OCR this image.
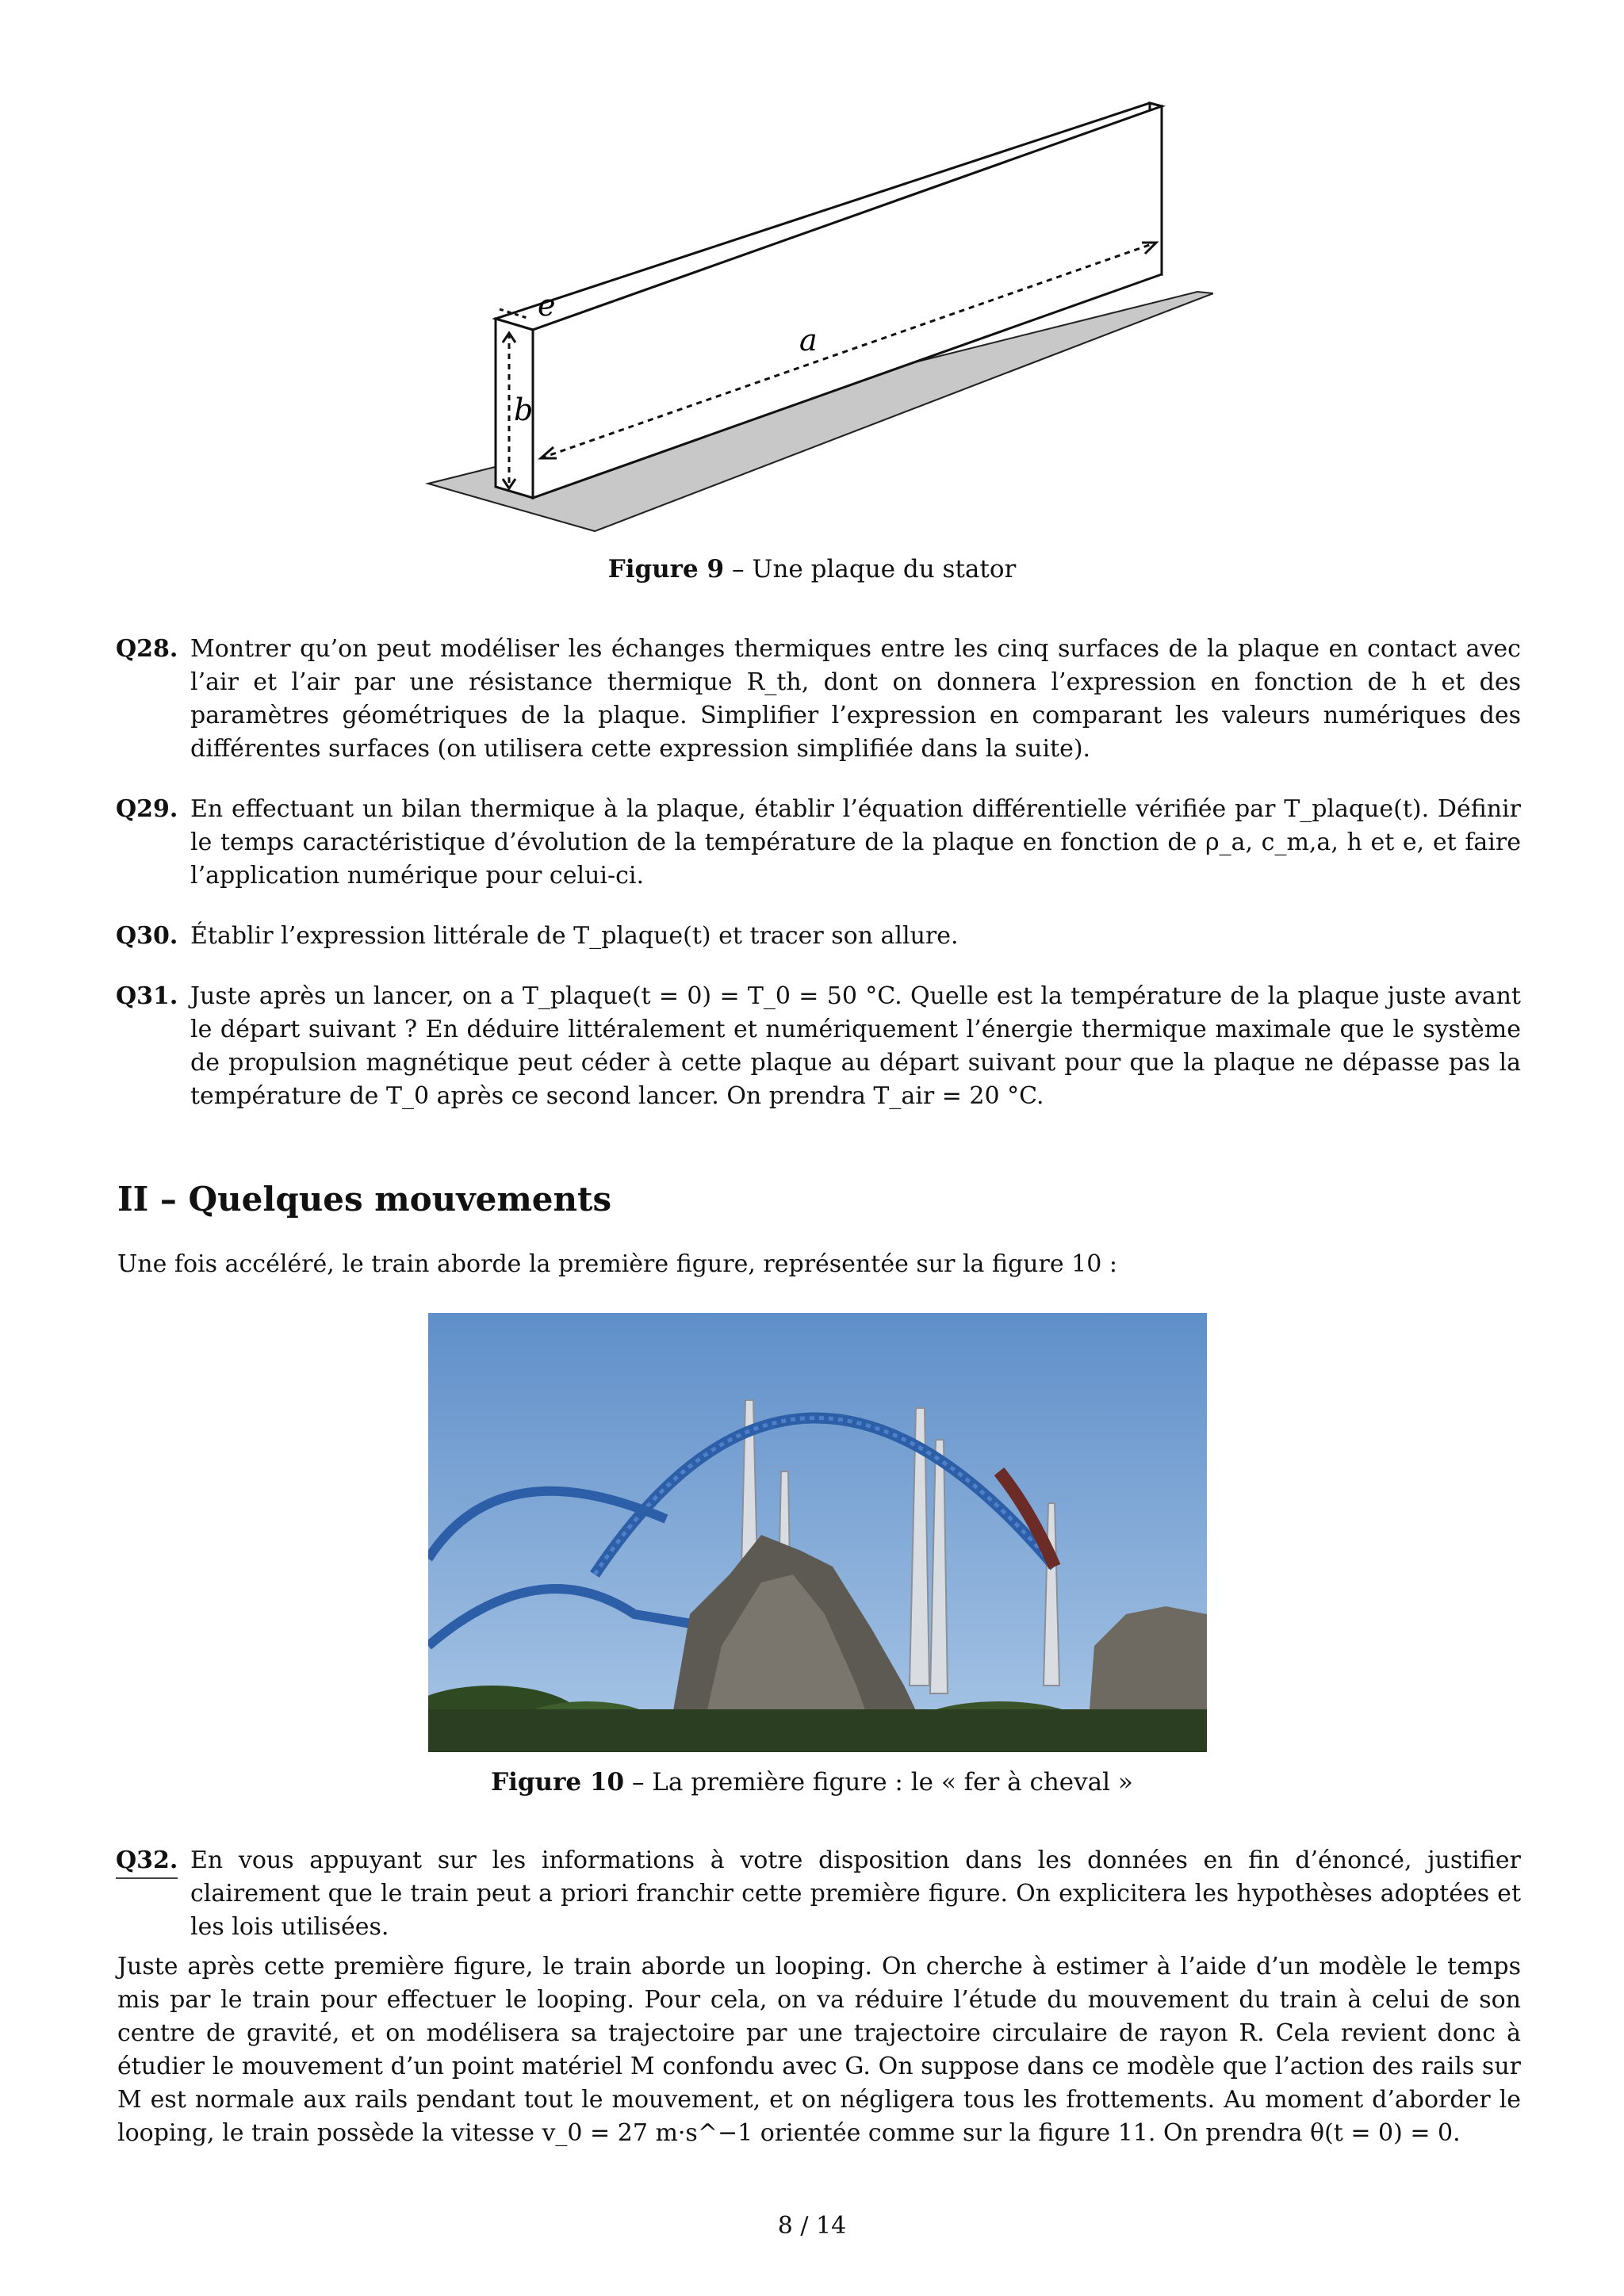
e
a
b
Figure 9 – Une plaque du stator
Q28. Montrer qu’on peut modéliser les échanges thermiques entre les cinq surfaces de la plaque en contact avec l’air et l’air par une résistance thermique R_th, dont on donnera l’expression en fonction de h et des paramètres géométriques de la plaque. Simplifier l’expression en comparant les valeurs numériques des différentes surfaces (on utilisera cette expression simplifiée dans la suite).
Q29. En effectuant un bilan thermique à la plaque, établir l’équation différentielle vérifiée par T_plaque(t). Définir le temps caractéristique d’évolution de la température de la plaque en fonction de ρ_a, c_m,a, h et e, et faire l’application numérique pour celui-ci.
Q30. Établir l’expression littérale de T_plaque(t) et tracer son allure.
Q31. Juste après un lancer, on a T_plaque(t = 0) = T_0 = 50 °C. Quelle est la température de la plaque juste avant le départ suivant ? En déduire littéralement et numériquement l’énergie thermique maximale que le système de propulsion magnétique peut céder à cette plaque au départ suivant pour que la plaque ne dépasse pas la température de T_0 après ce second lancer. On prendra T_air = 20 °C.
II – Quelques mouvements
Une fois accéléré, le train aborde la première figure, représentée sur la figure 10 :
Figure 10 – La première figure : le « fer à cheval »
Q32. En vous appuyant sur les informations à votre disposition dans les données en fin d’énoncé, justifier clairement que le train peut a priori franchir cette première figure. On explicitera les hypothèses adoptées et les lois utilisées.
Juste après cette première figure, le train aborde un looping. On cherche à estimer à l’aide d’un modèle le temps mis par le train pour effectuer le looping. Pour cela, on va réduire l’étude du mouvement du train à celui de son centre de gravité, et on modélisera sa trajectoire par une trajectoire circulaire de rayon R. Cela revient donc à étudier le mouvement d’un point matériel M confondu avec G. On suppose dans ce modèle que l’action des rails sur M est normale aux rails pendant tout le mouvement, et on négligera tous les frottements. Au moment d’aborder le looping, le train possède la vitesse v_0 = 27 m·s^−1 orientée comme sur la figure 11. On prendra θ(t = 0) = 0.
8 / 14
